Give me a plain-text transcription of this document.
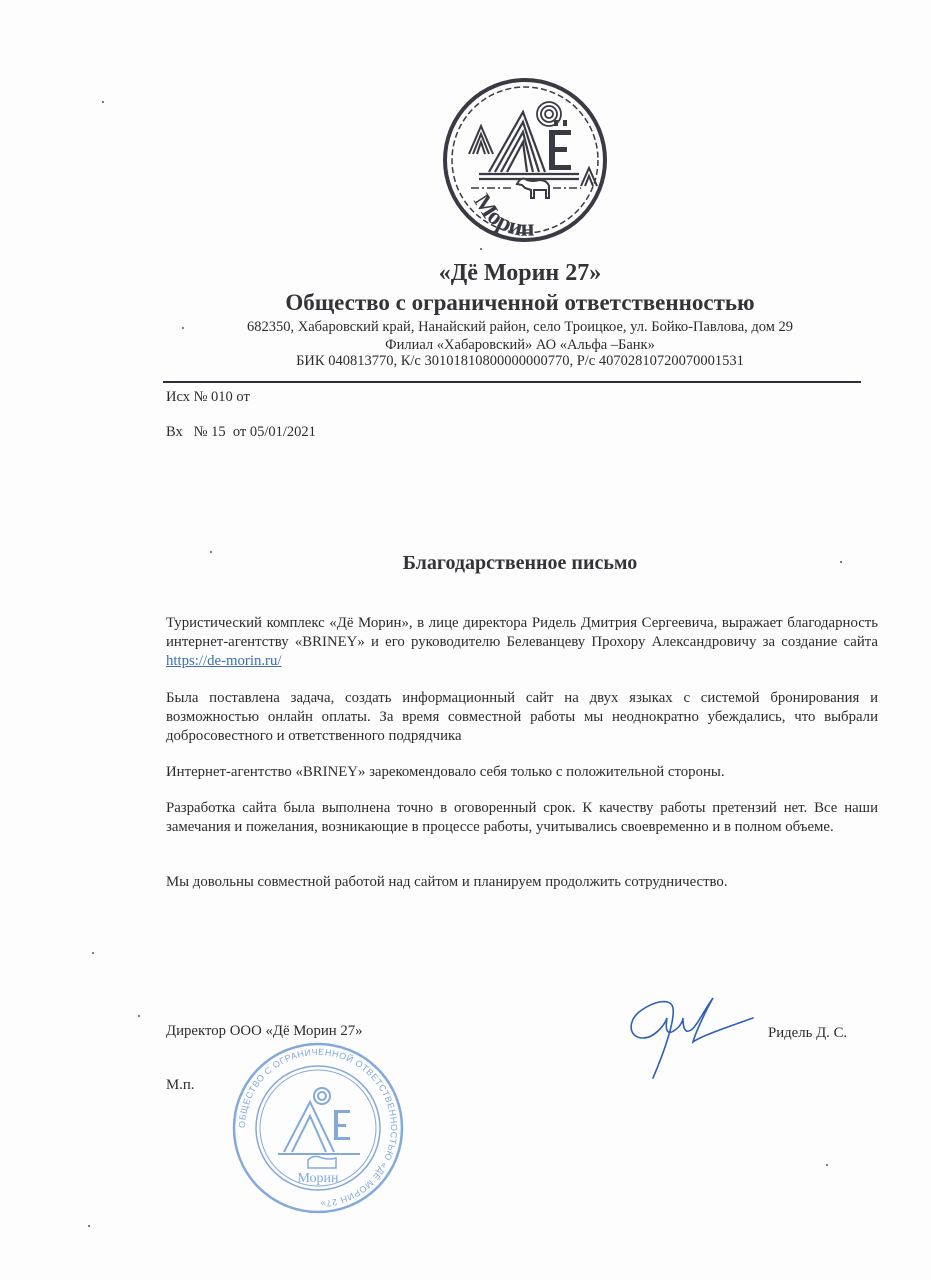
Морин
«Дё Морин 27»
Общество с ограниченной ответственностью
682350, Хабаровский край, Нанайский район, село Троицкое, ул. Бойко-Павлова, дом 29
Филиал «Хабаровский» АО «Альфа –Банк»
БИК 040813770, К/с 30101810800000000770, Р/с 40702810720070001531
Исх № 010 от
Вх   № 15  от 05/01/2021
Благодарственное письмо
Туристический комплекс «Дё Морин», в лице директора Ридель Дмитрия Сергеевича, выражает благодарность интернет-агентству «BRINEY» и его руководителю Белеванцеву Прохору Александровичу за создание сайта https://de-morin.ru/
Была поставлена задача, создать информационный сайт на двух языках с системой бронирования и возможностью онлайн оплаты. За время совместной работы мы неоднократно убеждались, что выбрали добросовестного и ответственного подрядчика
Интернет-агентство «BRINEY» зарекомендовало себя только с положительной стороны.
Разработка сайта была выполнена точно в оговоренный срок. К качеству работы претензий нет. Все наши замечания и пожелания, возникающие в процессе работы, учитывались своевременно и в полном объеме.
Мы довольны совместной работой над сайтом и планируем продолжить сотрудничество.
Директор ООО «Дё Морин 27»
М.п.
Ридель Д. С.
ОБЩЕСТВО С ОГРАНИЧЕННОЙ ОТВЕТСТВЕННОСТЬЮ «ДЁ МОРИН 27»
Морин
